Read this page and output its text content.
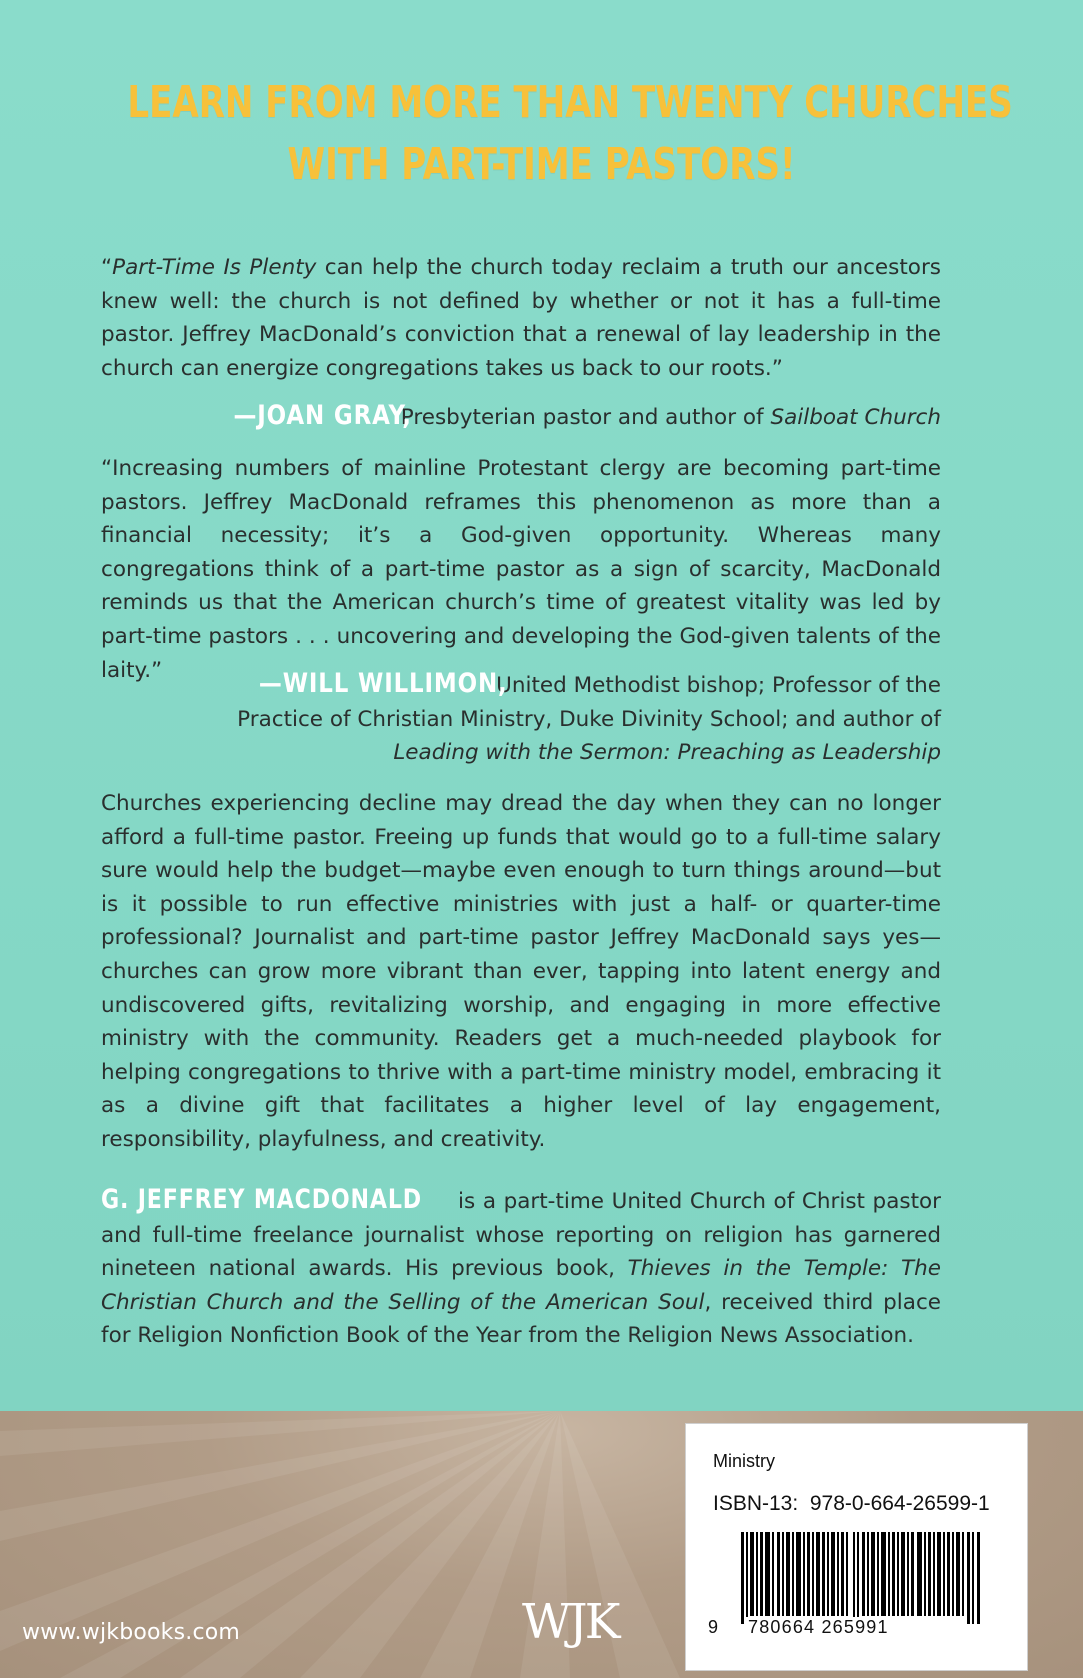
LEARN FROM MORE THAN TWENTY CHURCHES
WITH PART-TIME PASTORS!

“Part-Time Is Plenty can help the church today reclaim a truth our ancestors knew well: the church is not defined by whether or not it has a full-time pastor. Jeffrey MacDonald’s conviction that a renewal of lay leadership in the church can energize congregations takes us back to our roots.”

—JOAN GRAY, Presbyterian pastor and author of Sailboat Church

“Increasing numbers of mainline Protestant clergy are becoming part-time pastors. Jeffrey MacDonald reframes this phenomenon as more than a financial necessity; it’s a God-given opportunity. Whereas many congregations think of a part-time pastor as a sign of scarcity, MacDonald reminds us that the American church’s time of greatest vitality was led by part-time pastors . . . uncovering and developing the God-given talents of the laity.”	—WILL WILLIMON, United Methodist bishop; Professor of the Practice of Christian Ministry, Duke Divinity School; and author of Leading with the Sermon: Preaching as Leadership

Churches experiencing decline may dread the day when they can no longer afford a full-time pastor. Freeing up funds that would go to a full-time salary sure would help the budget—maybe even enough to turn things around—but is it possible to run effective ministries with just a half- or quarter-time professional? Journalist and part-time pastor Jeffrey MacDonald says yes—churches can grow more vibrant than ever, tapping into latent energy and undiscovered gifts, revitalizing worship, and engaging in more effective ministry with the community. Readers get a much-needed playbook for helping congregations to thrive with a part-time ministry model, embracing it as a divine gift that facilitates a higher level of lay engagement, responsibility, playfulness, and creativity.

G. JEFFREY MACDONALD is a part-time United Church of Christ pastor and full-time freelance journalist whose reporting on religion has garnered nineteen national awards. His previous book, Thieves in the Temple: The Christian Church and the Selling of the American Soul, received third place for Religion Nonfiction Book of the Year from the Religion News Association.

www.wjkbooks.com	WJK
Ministry
ISBN-13: 978-0-664-26599-1
9 780664 265991
